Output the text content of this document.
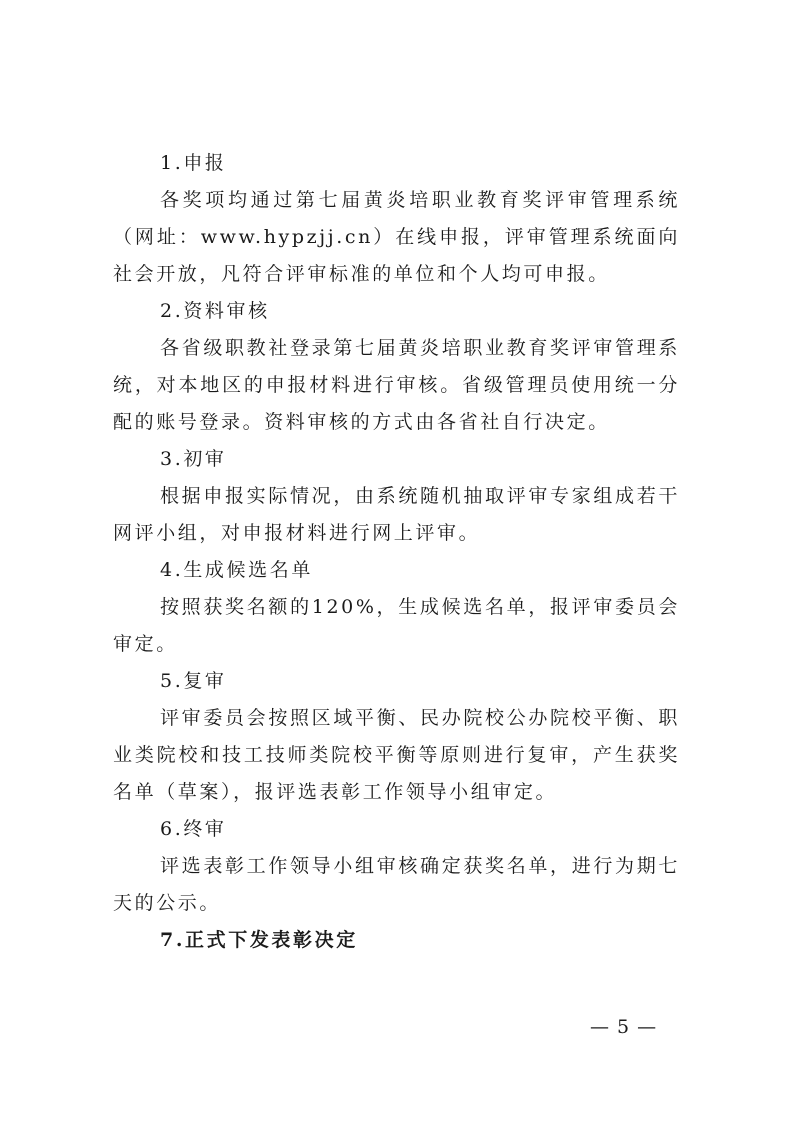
1.申报

各奖项均通过第七届黄炎培职业教育奖评审管理系统（网址：www.hypzjj.cn）在线申报，评审管理系统面向社会开放，凡符合评审标准的单位和个人均可申报。

2.资料审核

各省级职教社登录第七届黄炎培职业教育奖评审管理系统，对本地区的申报材料进行审核。省级管理员使用统一分配的账号登录。资料审核的方式由各省社自行决定。

3.初审

根据申报实际情况，由系统随机抽取评审专家组成若干网评小组，对申报材料进行网上评审。

4.生成候选名单

按照获奖名额的120%，生成候选名单，报评审委员会审定。

5.复审

评审委员会按照区域平衡、民办院校公办院校平衡、职业类院校和技工技师类院校平衡等原则进行复审，产生获奖名单（草案），报评选表彰工作领导小组审定。

6.终审

评选表彰工作领导小组审核确定获奖名单，进行为期七天的公示。

7.正式下发表彰决定

— 5 —
